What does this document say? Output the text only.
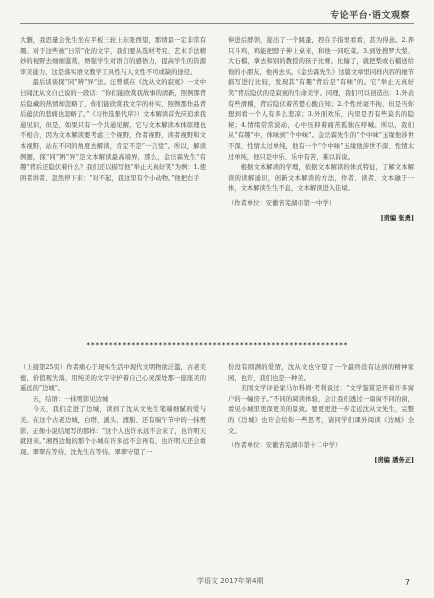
专论平台·语文观察

大删，我思量会先生坐在平板三轮上东张西望，那情景一定非常有趣。对于这些被“日常”化的文字，我们要从选材考究、艺术手法精妙的视野去细细鉴赏，增强学生对语言的感悟力，提高学生的资源审美能力，这是落实语文教学工具性与人文性不可或缺的途径。

最后谈谈探“同”辨“异”法。汪曾祺在《沈从文的寂寞》一文中曰闻沈从文自已说的一段话：“你们能欣赏我故事的清新，照例那背后隐藏的热情却忽略了，你们能欣赏我文字的朴实，照例那作品背后蕴伏的悲痛也忽略了。”《习作选集代序》）文本解读首先应追求我通见识，但是，如果只有一个共通见解，它与文本解读本体原理也不相合，因为文本解读要考虑三个视野，作者视野、读者视野和文本视野，站在不同的角度去解读，肯定不是“一言堂”。所以，解读例题，探“同”辨“异”是文本解读最高境界，那么，金岳霖先生“有趣”背后还隐伏着什么？我们还以描写他“举止天真好笑”为例：1.使困者讲者、忽然停下来：“对不起，我这里有个小动物。”他把右手

伸进后脖领，捉出了一个跳蚤，捏在手指里看看，甚为得意。2.养只斗鸡，鸡能把脖子伸上桌来，和他一同吃菜。3.到处搜罗大梨、大石榴，拿去和别的教授的孩子比赛。比输了，就把梨或石榴送给他的小朋友，他再去买。《金岳霖先生》这篇文章里同样内容的细节描写进行比较，发现其“有趣”背后是“有味”的。它“举止天真好笑”背后隐伏的是寂寞的生命美学。同理，我们可以创造出：1.外表有些滑稽，背后隐伏着苦楚心酸自知；2.个性丝毫不拘，但是当你想到看一个人有多么悲凉；3.外面欢乐，内里是否有些莫名的隐秘；4.情绪常常波动，心中压抑着痛苦孤独在呼喊。所以，我们从“有趣”中，体味到“个中味”。金岳霖先生的“个中味”玉缘他涉世不深、性情太过单纯，他有一个“个中味”玉缘他涉世不深、性情太过单纯，他只是中乐、乐中有苦，难以诉说。

根据文本解读的学理，依据文本解读的体式特征，了解文本解读的读解通识，创新文本解读的方法，作者、读者、文本融于一体，文本解读生生不息，文本解读进入佳境。

（作者单位：安徽省芜湖市第一中学）

[责编 张勇]

✶✶✶✶✶✶✶✶✶✶✶✶✶✶✶✶✶✶✶✶✶✶✶✶✶✶✶✶✶✶✶✶✶✶✶✶✶✶✶✶✶✶✶✶✶✶✶✶✶✶✶✶✶✶✶✶✶✶

（上接第25页）作者痛心于现实生活中现代文明物欲泛滥，古老美德，价值观失落，用纯美的文字守护着自己心灵深处那一座座美的遥远的“边城”。

五，结语：一抹剪影见边城

今天，我们走进了边城，读到了沈从文先生笔端细腻的爱与美。在这个古老边城，白塔、溪头、渡船、还有端午节中的一抹剪影，正像小说结尾写的那样：“这个人也许永远不会来了，也许明天就回来。”湘西边地的那个小城在许多远不会再有，也许明天还会重现。翠翠在等待，沈先生在等待。翠翠守望了一

份没有圆满的爱情，沈从文也守望了一个最终没有达到的精神家园，也许，我们也是一种美。

美国文学评论家马尔科姆·考利说过：“文学鉴赏是开着许多窗户的一幢房子。”不同的阅读体验，会让我们透过一扇窗不同的窗，看见小城里更深更美的景致。要更更进一步走近沈从文先生，完整的《边城》也许会给你一些思考，请同学们课外阅读《边城》全文。

（作者单位：安徽省芜湖市第十二中学）

[责编 潘务正]

学语文 2017年第4期	7
